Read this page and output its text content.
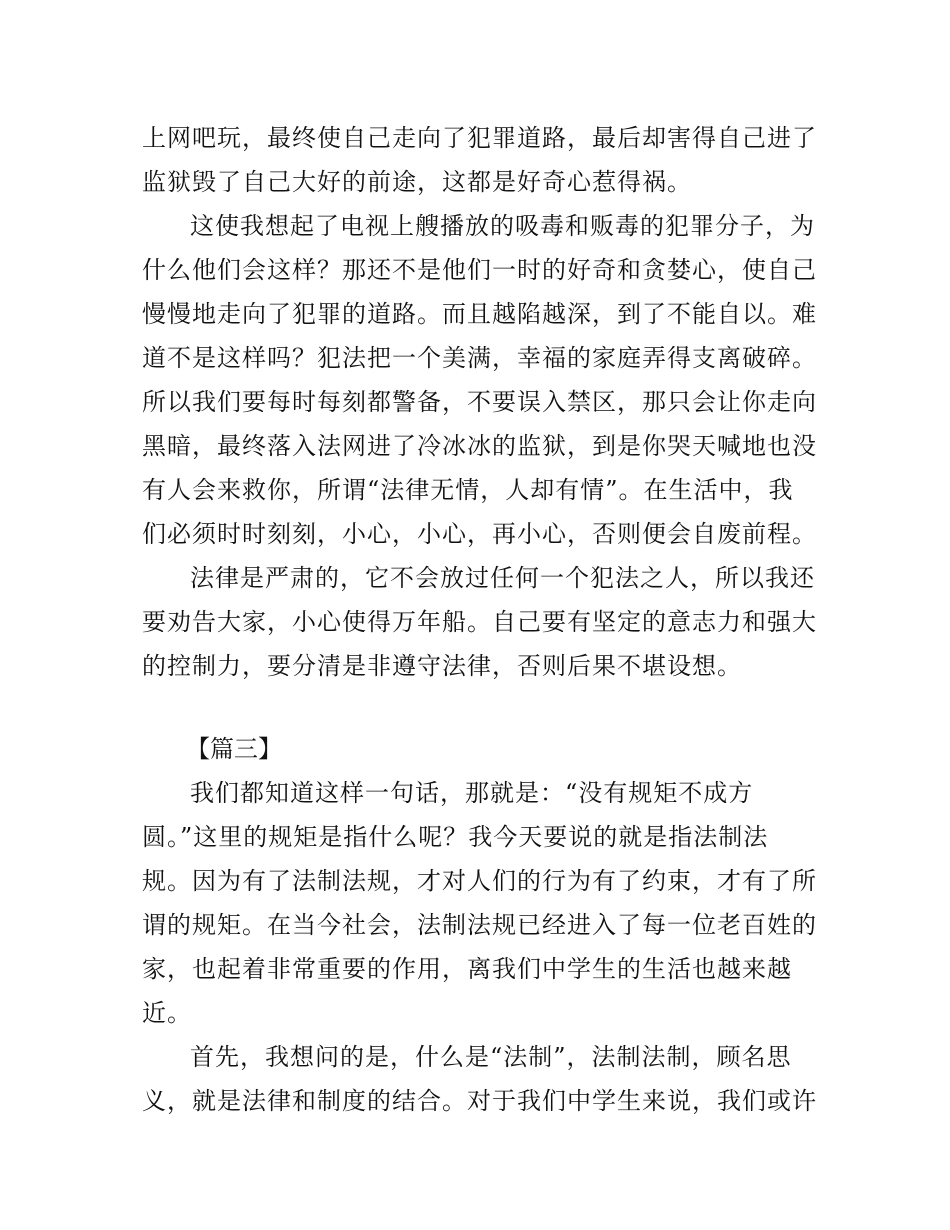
上网吧玩，最终使自己走向了犯罪道路，最后却害得自己进了
监狱毁了自己大好的前途，这都是好奇心惹得祸。
这使我想起了电视上艘播放的吸毒和贩毒的犯罪分子，为
什么他们会这样？那还不是他们一时的好奇和贪婪心，使自己
慢慢地走向了犯罪的道路。而且越陷越深，到了不能自以。难
道不是这样吗？犯法把一个美满，幸福的家庭弄得支离破碎。
所以我们要每时每刻都警备，不要误入禁区，那只会让你走向
黑暗，最终落入法网进了冷冰冰的监狱，到是你哭天喊地也没
有人会来救你，所谓“法律无情，人却有情”。在生活中，我
们必须时时刻刻，小心，小心，再小心，否则便会自废前程。
法律是严肃的，它不会放过任何一个犯法之人，所以我还
要劝告大家，小心使得万年船。自己要有坚定的意志力和强大
的控制力，要分清是非遵守法律，否则后果不堪设想。
【篇三】
我们都知道这样一句话，那就是：“没有规矩不成方
圆。”这里的规矩是指什么呢？我今天要说的就是指法制法
规。因为有了法制法规，才对人们的行为有了约束，才有了所
谓的规矩。在当今社会，法制法规已经进入了每一位老百姓的
家，也起着非常重要的作用，离我们中学生的生活也越来越
近。
首先，我想问的是，什么是“法制”，法制法制，顾名思
义，就是法律和制度的结合。对于我们中学生来说，我们或许
